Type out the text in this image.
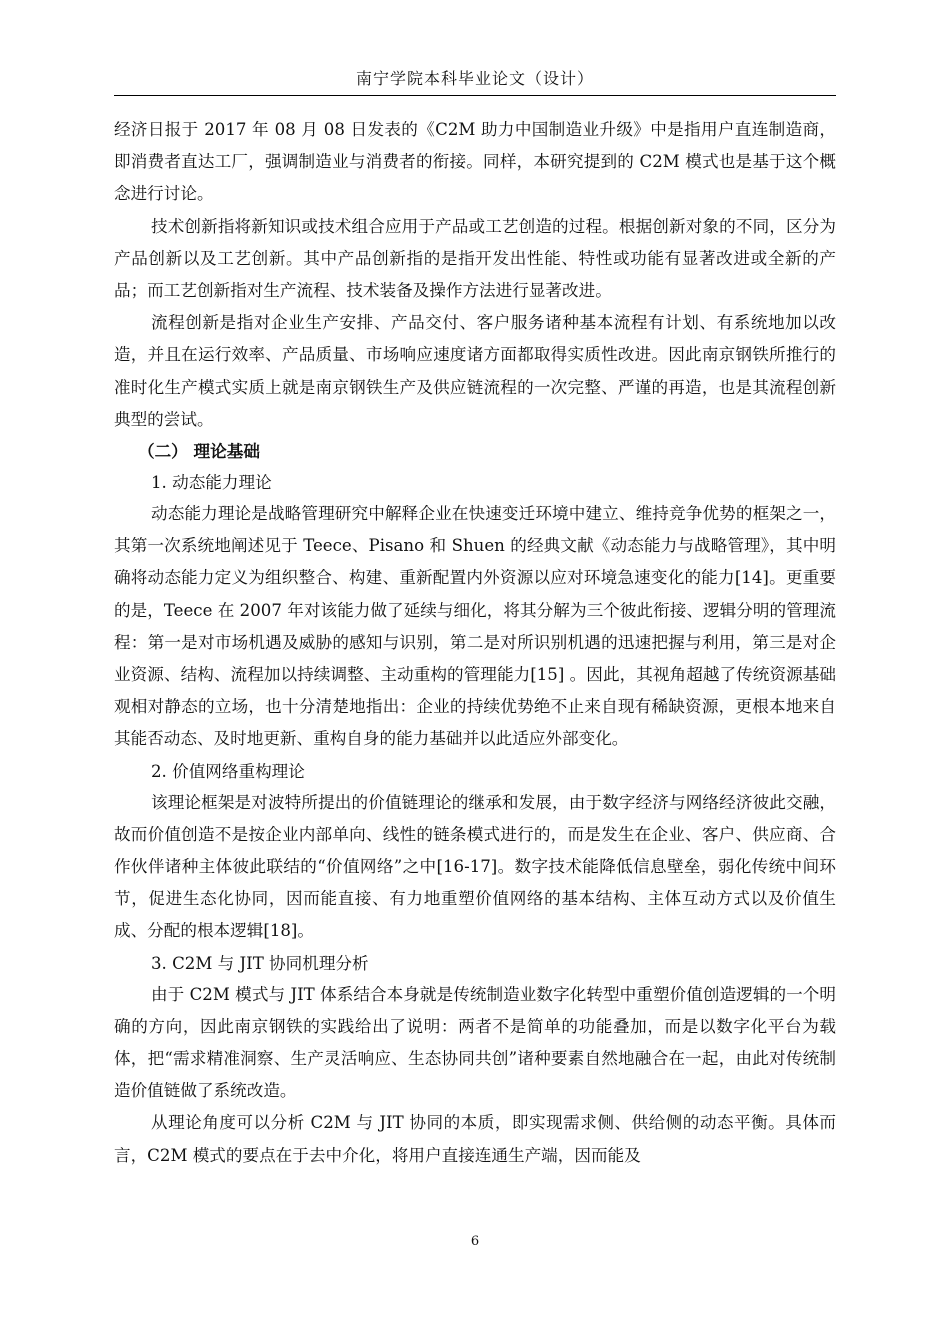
南宁学院本科毕业论文（设计）

经济日报于 2017 年 08 月 08 日发表的《C2M 助力中国制造业升级》中是指用户直连制造商，即消费者直达工厂，强调制造业与消费者的衔接。同样，本研究提到的 C2M 模式也是基于这个概念进行讨论。

技术创新指将新知识或技术组合应用于产品或工艺创造的过程。根据创新对象的不同，区分为产品创新以及工艺创新。其中产品创新指的是指开发出性能、特性或功能有显著改进或全新的产品；而工艺创新指对生产流程、技术装备及操作方法进行显著改进。

流程创新是指对企业生产安排、产品交付、客户服务诸种基本流程有计划、有系统地加以改造，并且在运行效率、产品质量、市场响应速度诸方面都取得实质性改进。因此南京钢铁所推行的准时化生产模式实质上就是南京钢铁生产及供应链流程的一次完整、严谨的再造，也是其流程创新典型的尝试。

（二） 理论基础

1. 动态能力理论

动态能力理论是战略管理研究中解释企业在快速变迁环境中建立、维持竞争优势的框架之一，其第一次系统地阐述见于 Teece、Pisano 和 Shuen 的经典文献《动态能力与战略管理》，其中明确将动态能力定义为组织整合、构建、重新配置内外资源以应对环境急速变化的能力[14]。更重要的是，Teece 在 2007 年对该能力做了延续与细化，将其分解为三个彼此衔接、逻辑分明的管理流程：第一是对市场机遇及威胁的感知与识别，第二是对所识别机遇的迅速把握与利用，第三是对企业资源、结构、流程加以持续调整、主动重构的管理能力[15] 。因此，其视角超越了传统资源基础观相对静态的立场，也十分清楚地指出：企业的持续优势绝不止来自现有稀缺资源，更根本地来自其能否动态、及时地更新、重构自身的能力基础并以此适应外部变化。

2. 价值网络重构理论

该理论框架是对波特所提出的价值链理论的继承和发展，由于数字经济与网络经济彼此交融，故而价值创造不是按企业内部单向、线性的链条模式进行的，而是发生在企业、客户、供应商、合作伙伴诸种主体彼此联结的“价值网络”之中[16-17]。数字技术能降低信息壁垒，弱化传统中间环节，促进生态化协同，因而能直接、有力地重塑价值网络的基本结构、主体互动方式以及价值生成、分配的根本逻辑[18]。

3. C2M 与 JIT 协同机理分析

由于 C2M 模式与 JIT 体系结合本身就是传统制造业数字化转型中重塑价值创造逻辑的一个明确的方向，因此南京钢铁的实践给出了说明：两者不是简单的功能叠加，而是以数字化平台为载体，把“需求精准洞察、生产灵活响应、生态协同共创”诸种要素自然地融合在一起，由此对传统制造价值链做了系统改造。

从理论角度可以分析 C2M 与 JIT 协同的本质，即实现需求侧、供给侧的动态平衡。具体而言，C2M 模式的要点在于去中介化，将用户直接连通生产端，因而能及

6
